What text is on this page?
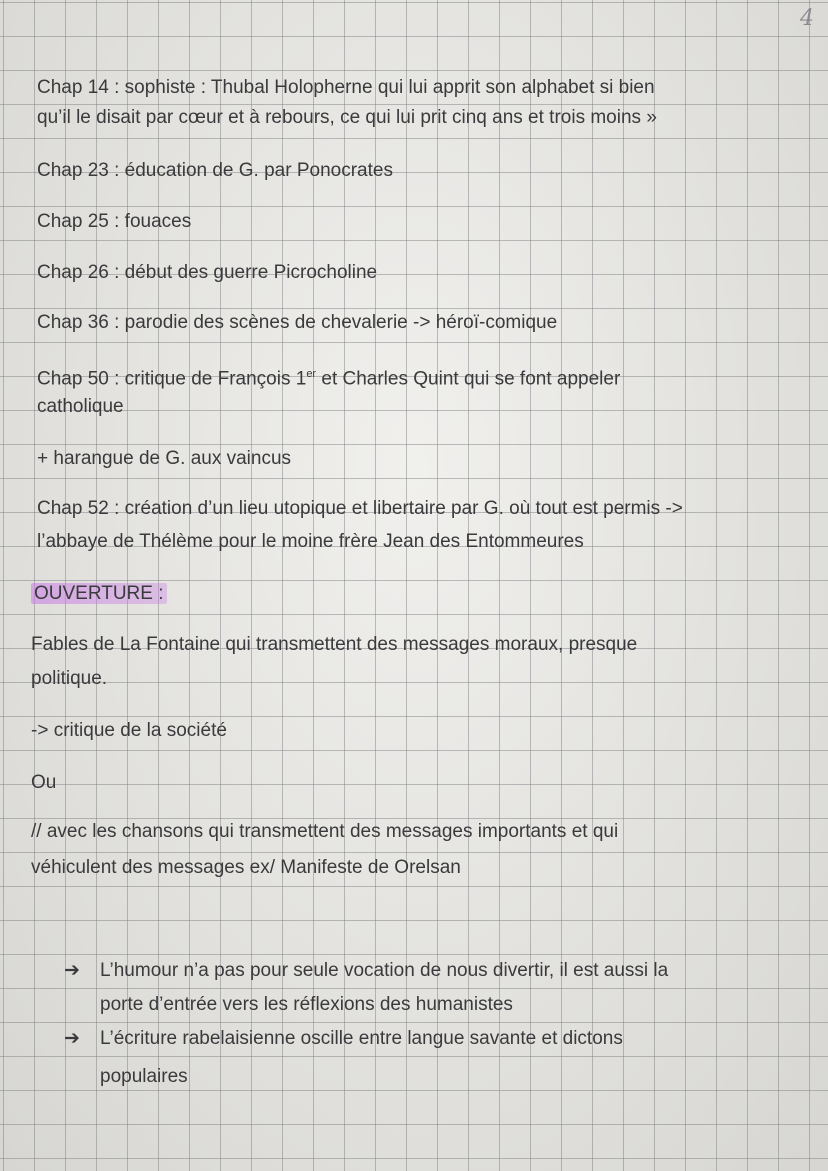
4
Chap 14 : sophiste : Thubal Holopherne qui lui apprit son alphabet si bien
qu’il le disait par cœur et à rebours, ce qui lui prit cinq ans et trois moins »
Chap 23 : éducation de G. par Ponocrates
Chap 25 : fouaces
Chap 26 : début des guerre Picrocholine
Chap 36 : parodie des scènes de chevalerie -> héroï-comique
Chap 50 : critique de François 1er et Charles Quint qui se font appeler
catholique
+ harangue de G. aux vaincus
Chap 52 : création d’un lieu utopique et libertaire par G. où tout est permis ->
l’abbaye de Thélème pour le moine frère Jean des Entommeures
OUVERTURE :
Fables de La Fontaine qui transmettent des messages moraux, presque
politique.
-> critique de la société
Ou
// avec les chansons qui transmettent des messages importants et qui
véhiculent des messages ex/ Manifeste de Orelsan
➔	L’humour n’a pas pour seule vocation de nous divertir, il est aussi la
porte d’entrée vers les réflexions des humanistes
➔	L’écriture rabelaisienne oscille entre langue savante et dictons
populaires
